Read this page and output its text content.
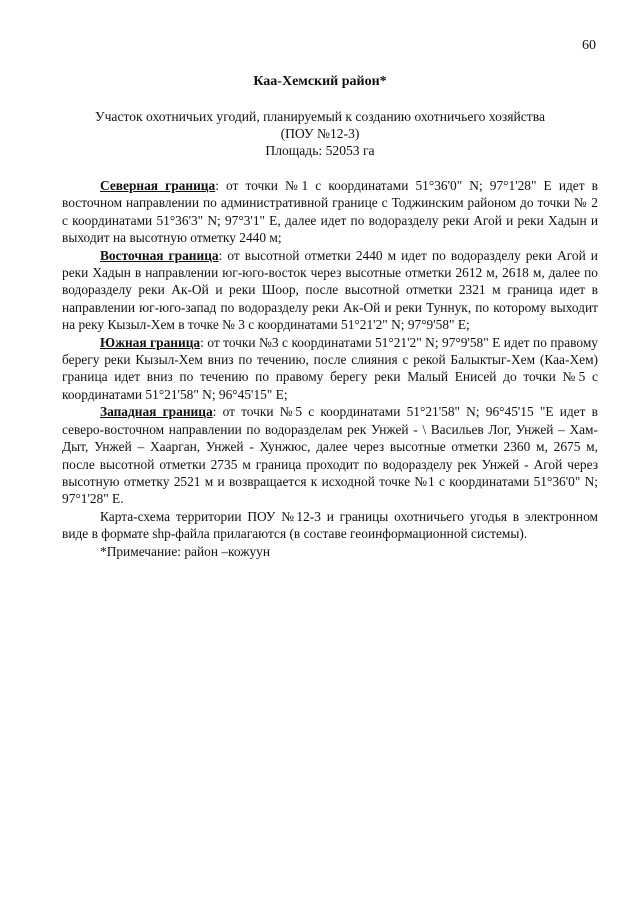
60
Каа-Хемский район*
Участок охотничьих угодий, планируемый к созданию охотничьего хозяйства
(ПОУ №12-3)
Площадь: 52053 га

Северная граница: от точки №1 с координатами 51°36'0" N; 97°1'28" E идет в восточном направлении по административной границе с Тоджинским районом до точки № 2 с координатами 51°36'3" N; 97°3'1" E, далее идет по водоразделу реки Агой и реки Хадын и выходит на высотную отметку 2440 м;

Восточная граница: от высотной отметки 2440 м идет по водоразделу реки Агой и реки Хадын в направлении юг-юго-восток через высотные отметки 2612 м, 2618 м, далее по водоразделу реки Ак-Ой и реки Шоор, после высотной отметки 2321 м граница идет в направлении юг-юго-запад по водоразделу реки Ак-Ой и реки Туннук, по которому выходит на реку Кызыл-Хем в точке № 3 с координатами 51°21'2" N; 97°9'58" E;

Южная граница: от точки №3 с координатами 51°21'2" N; 97°9'58" E идет по правому берегу реки Кызыл-Хем вниз по течению, после слияния с рекой Балыктыг-Хем (Каа-Хем) граница идет вниз по течению по правому берегу реки Малый Енисей до точки №5 с координатами 51°21'58" N; 96°45'15" E;

Западная граница: от точки №5 с координатами 51°21'58" N; 96°45'15 "E идет в северо-восточном направлении по водоразделам рек Унжей - \ Васильев Лог, Унжей – Хам-Дыт, Унжей – Хаарган, Унжей - Хунжюс, далее через высотные отметки 2360 м, 2675 м, после высотной отметки 2735 м граница проходит по водоразделу рек Унжей - Агой через высотную отметку 2521 м и возвращается к исходной точке №1 с координатами 51°36'0" N; 97°1'28" E.

Карта-схема территории ПОУ №12-3 и границы охотничьего угодья в электронном виде в формате shp-файла прилагаются (в составе геоинформационной системы).

*Примечание: район –кожуун
